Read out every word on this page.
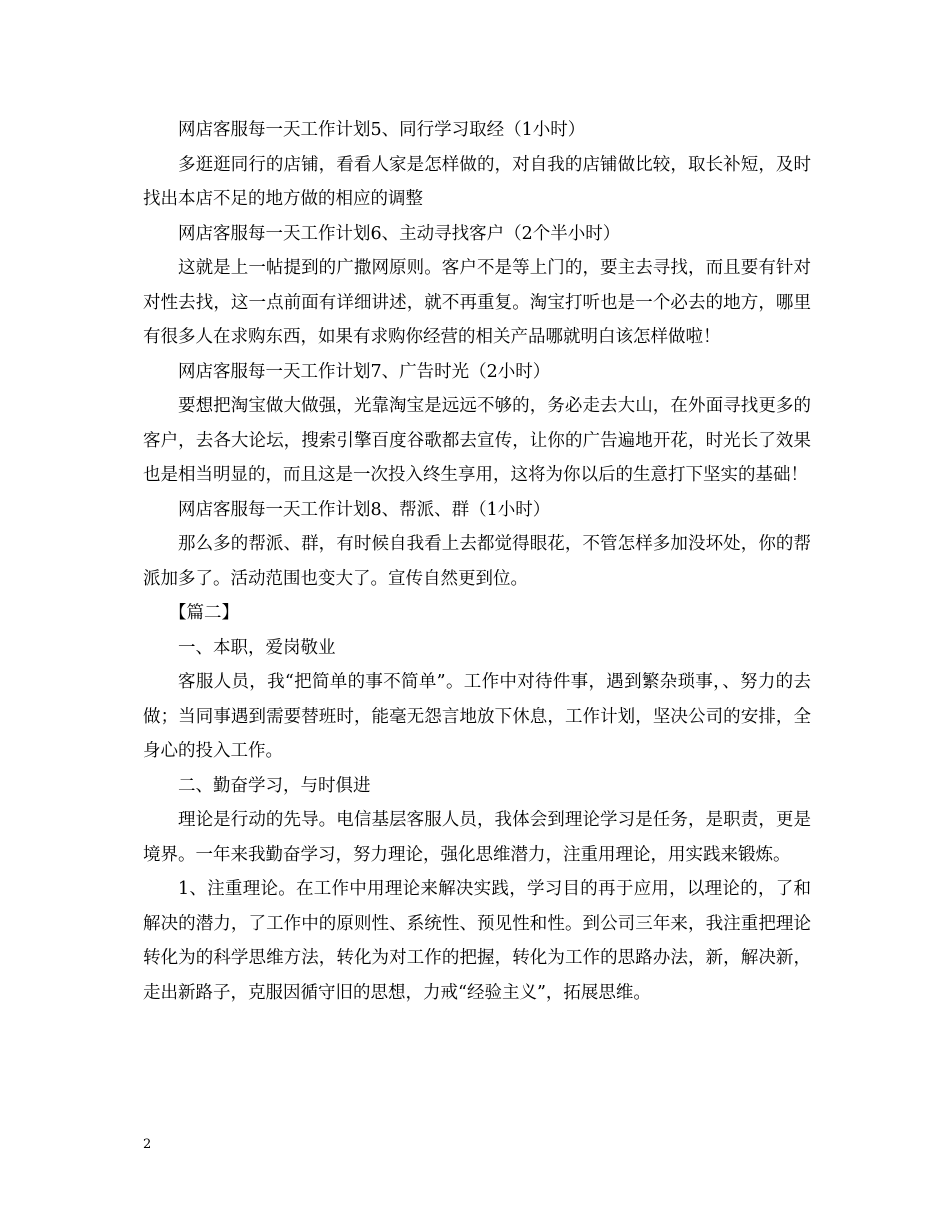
网店客服每一天工作计划5、同行学习取经（1小时）

多逛逛同行的店铺，看看人家是怎样做的，对自我的店铺做比较，取长补短，及时找出本店不足的地方做的相应的调整

网店客服每一天工作计划6、主动寻找客户（2个半小时）

这就是上一帖提到的广撒网原则。客户不是等上门的，要主去寻找，而且要有针对对性去找，这一点前面有详细讲述，就不再重复。淘宝打听也是一个必去的地方，哪里有很多人在求购东西，如果有求购你经营的相关产品哪就明白该怎样做啦！

网店客服每一天工作计划7、广告时光（2小时）

要想把淘宝做大做强，光靠淘宝是远远不够的，务必走去大山，在外面寻找更多的客户，去各大论坛，搜索引擎百度谷歌都去宣传，让你的广告遍地开花，时光长了效果也是相当明显的，而且这是一次投入终生享用，这将为你以后的生意打下坚实的基础！

网店客服每一天工作计划8、帮派、群（1小时）

那么多的帮派、群，有时候自我看上去都觉得眼花，不管怎样多加没坏处，你的帮派加多了。活动范围也变大了。宣传自然更到位。

【篇二】

一、本职，爱岗敬业

客服人员，我“把简单的事不简单”。工作中对待件事，遇到繁杂琐事，、努力的去做；当同事遇到需要替班时，能毫无怨言地放下休息，工作计划，坚决公司的安排，全身心的投入工作。

二、勤奋学习，与时俱进

理论是行动的先导。电信基层客服人员，我体会到理论学习是任务，是职责，更是境界。一年来我勤奋学习，努力理论，强化思维潜力，注重用理论，用实践来锻炼。

1、注重理论。在工作中用理论来解决实践，学习目的再于应用，以理论的，了和解决的潜力，了工作中的原则性、系统性、预见性和性。到公司三年来，我注重把理论转化为的科学思维方法，转化为对工作的把握，转化为工作的思路办法，新，解决新，走出新路子，克服因循守旧的思想，力戒“经验主义”，拓展思维。

2
